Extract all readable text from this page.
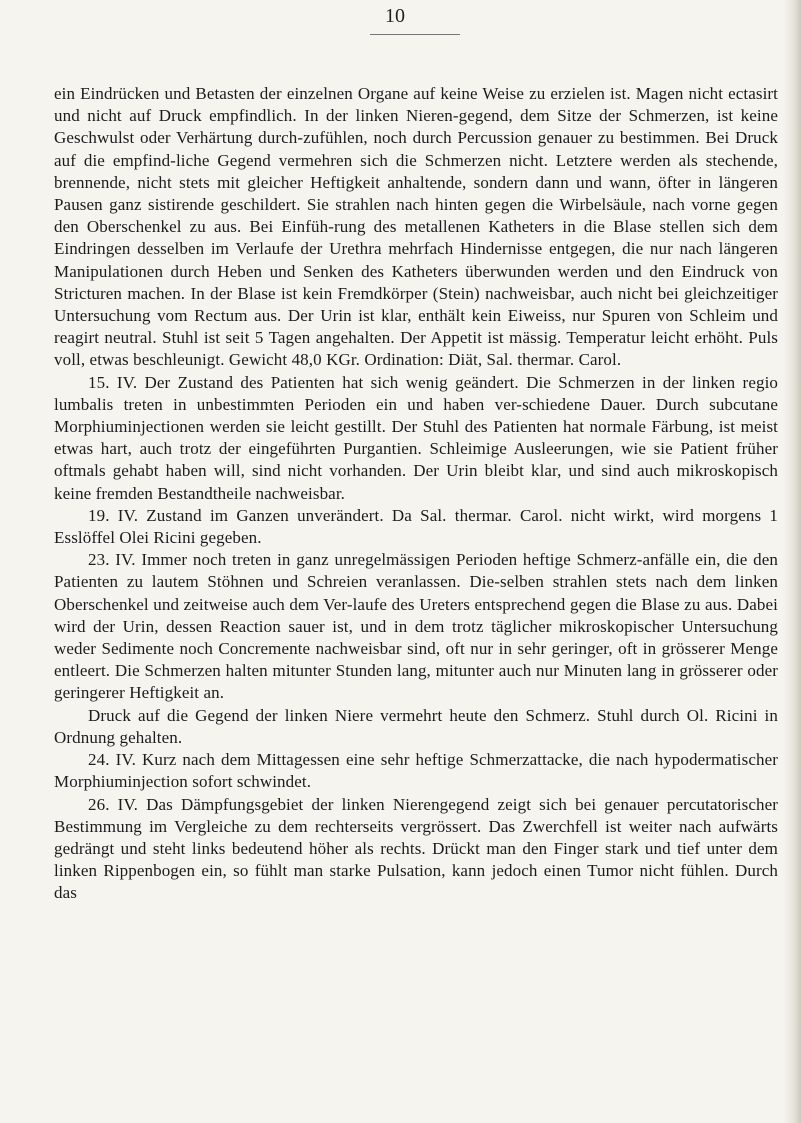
10

ein Eindrücken und Betasten der einzelnen Organe auf keine Weise zu erzielen ist. Magen nicht ectasirt und nicht auf Druck empfindlich. In der linken Nieren-gegend, dem Sitze der Schmerzen, ist keine Geschwulst oder Verhärtung durch-zufühlen, noch durch Percussion genauer zu bestimmen. Bei Druck auf die empfind-liche Gegend vermehren sich die Schmerzen nicht. Letztere werden als stechende, brennende, nicht stets mit gleicher Heftigkeit anhaltende, sondern dann und wann, öfter in längeren Pausen ganz sistirende geschildert. Sie strahlen nach hinten gegen die Wirbelsäule, nach vorne gegen den Oberschenkel zu aus. Bei Einfüh-rung des metallenen Katheters in die Blase stellen sich dem Eindringen desselben im Verlaufe der Urethra mehrfach Hindernisse entgegen, die nur nach längeren Manipulationen durch Heben und Senken des Katheters überwunden werden und den Eindruck von Stricturen machen. In der Blase ist kein Fremdkörper (Stein) nachweisbar, auch nicht bei gleichzeitiger Untersuchung vom Rectum aus. Der Urin ist klar, enthält kein Eiweiss, nur Spuren von Schleim und reagirt neutral. Stuhl ist seit 5 Tagen angehalten. Der Appetit ist mässig. Temperatur leicht erhöht. Puls voll, etwas beschleunigt. Gewicht 48,0 KGr. Ordination: Diät, Sal. thermar. Carol.

15. IV. Der Zustand des Patienten hat sich wenig geändert. Die Schmerzen in der linken regio lumbalis treten in unbestimmten Perioden ein und haben ver-schiedene Dauer. Durch subcutane Morphiuminjectionen werden sie leicht gestillt. Der Stuhl des Patienten hat normale Färbung, ist meist etwas hart, auch trotz der eingeführten Purgantien. Schleimige Ausleerungen, wie sie Patient früher oftmals gehabt haben will, sind nicht vorhanden. Der Urin bleibt klar, und sind auch mikroskopisch keine fremden Bestandtheile nachweisbar.

19. IV. Zustand im Ganzen unverändert. Da Sal. thermar. Carol. nicht wirkt, wird morgens 1 Esslöffel Olei Ricini gegeben.

23. IV. Immer noch treten in ganz unregelmässigen Perioden heftige Schmerz-anfälle ein, die den Patienten zu lautem Stöhnen und Schreien veranlassen. Die-selben strahlen stets nach dem linken Oberschenkel und zeitweise auch dem Ver-laufe des Ureters entsprechend gegen die Blase zu aus. Dabei wird der Urin, dessen Reaction sauer ist, und in dem trotz täglicher mikroskopischer Untersuchung weder Sedimente noch Concremente nachweisbar sind, oft nur in sehr geringer, oft in grösserer Menge entleert. Die Schmerzen halten mitunter Stunden lang, mitunter auch nur Minuten lang in grösserer oder geringerer Heftigkeit an.

Druck auf die Gegend der linken Niere vermehrt heute den Schmerz. Stuhl durch Ol. Ricini in Ordnung gehalten.

24. IV. Kurz nach dem Mittagessen eine sehr heftige Schmerzattacke, die nach hypodermatischer Morphiuminjection sofort schwindet.

26. IV. Das Dämpfungsgebiet der linken Nierengegend zeigt sich bei genauer percutatorischer Bestimmung im Vergleiche zu dem rechterseits vergrössert. Das Zwerchfell ist weiter nach aufwärts gedrängt und steht links bedeutend höher als rechts. Drückt man den Finger stark und tief unter dem linken Rippenbogen ein, so fühlt man starke Pulsation, kann jedoch einen Tumor nicht fühlen. Durch das
